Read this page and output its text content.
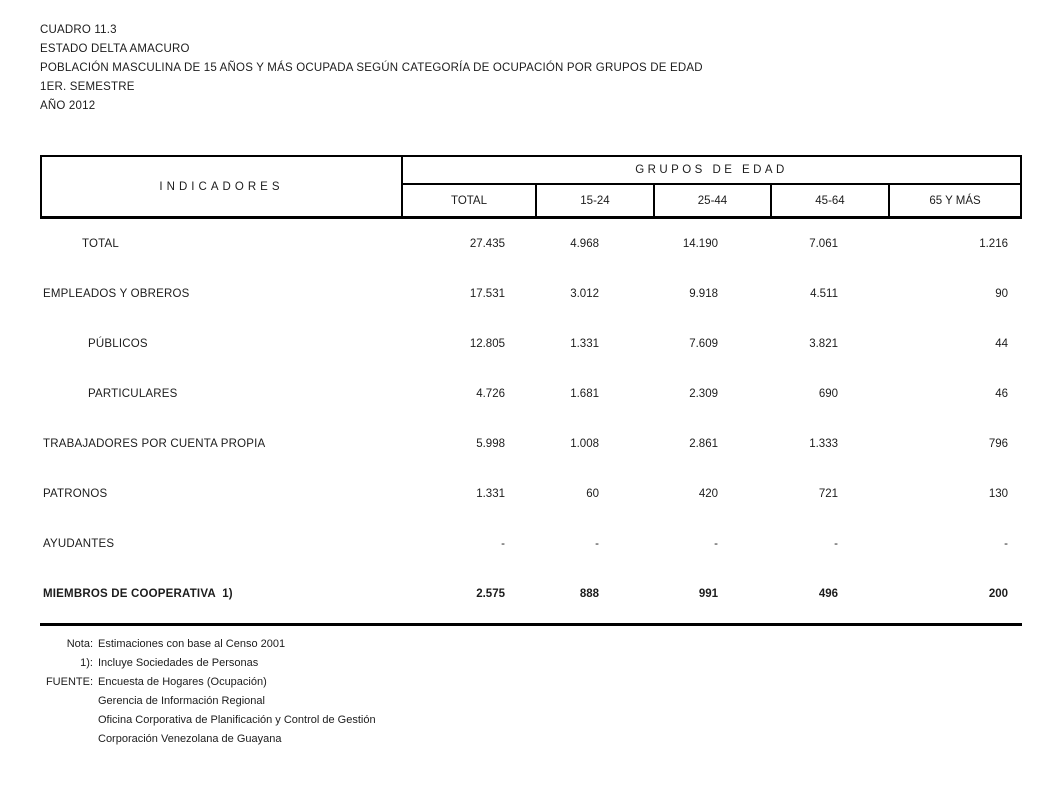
CUADRO 11.3
ESTADO DELTA AMACURO
POBLACIÓN MASCULINA DE 15 AÑOS Y MÁS OCUPADA SEGÚN CATEGORÍA DE OCUPACIÓN POR GRUPOS DE EDAD
1ER. SEMESTRE
AÑO 2012
INDICADORES
GRUPOS DE EDAD
TOTAL	15-24	25-44	45-64	65 Y MÁS
TOTAL	27.435	4.968	14.190	7.061	1.216
EMPLEADOS Y OBREROS	17.531	3.012	9.918	4.511	90
PÚBLICOS	12.805	1.331	7.609	3.821	44
PARTICULARES	4.726	1.681	2.309	690	46
TRABAJADORES POR CUENTA PROPIA	5.998	1.008	2.861	1.333	796
PATRONOS	1.331	60	420	721	130
AYUDANTES	-	-	-	-	-
MIEMBROS DE COOPERATIVA  1)	2.575	888	991	496	200
Nota: Estimaciones con base al Censo 2001
1): Incluye Sociedades de Personas
FUENTE: Encuesta de Hogares (Ocupación)
Gerencia de Información Regional
Oficina Corporativa de Planificación y Control de Gestión
Corporación Venezolana de Guayana
